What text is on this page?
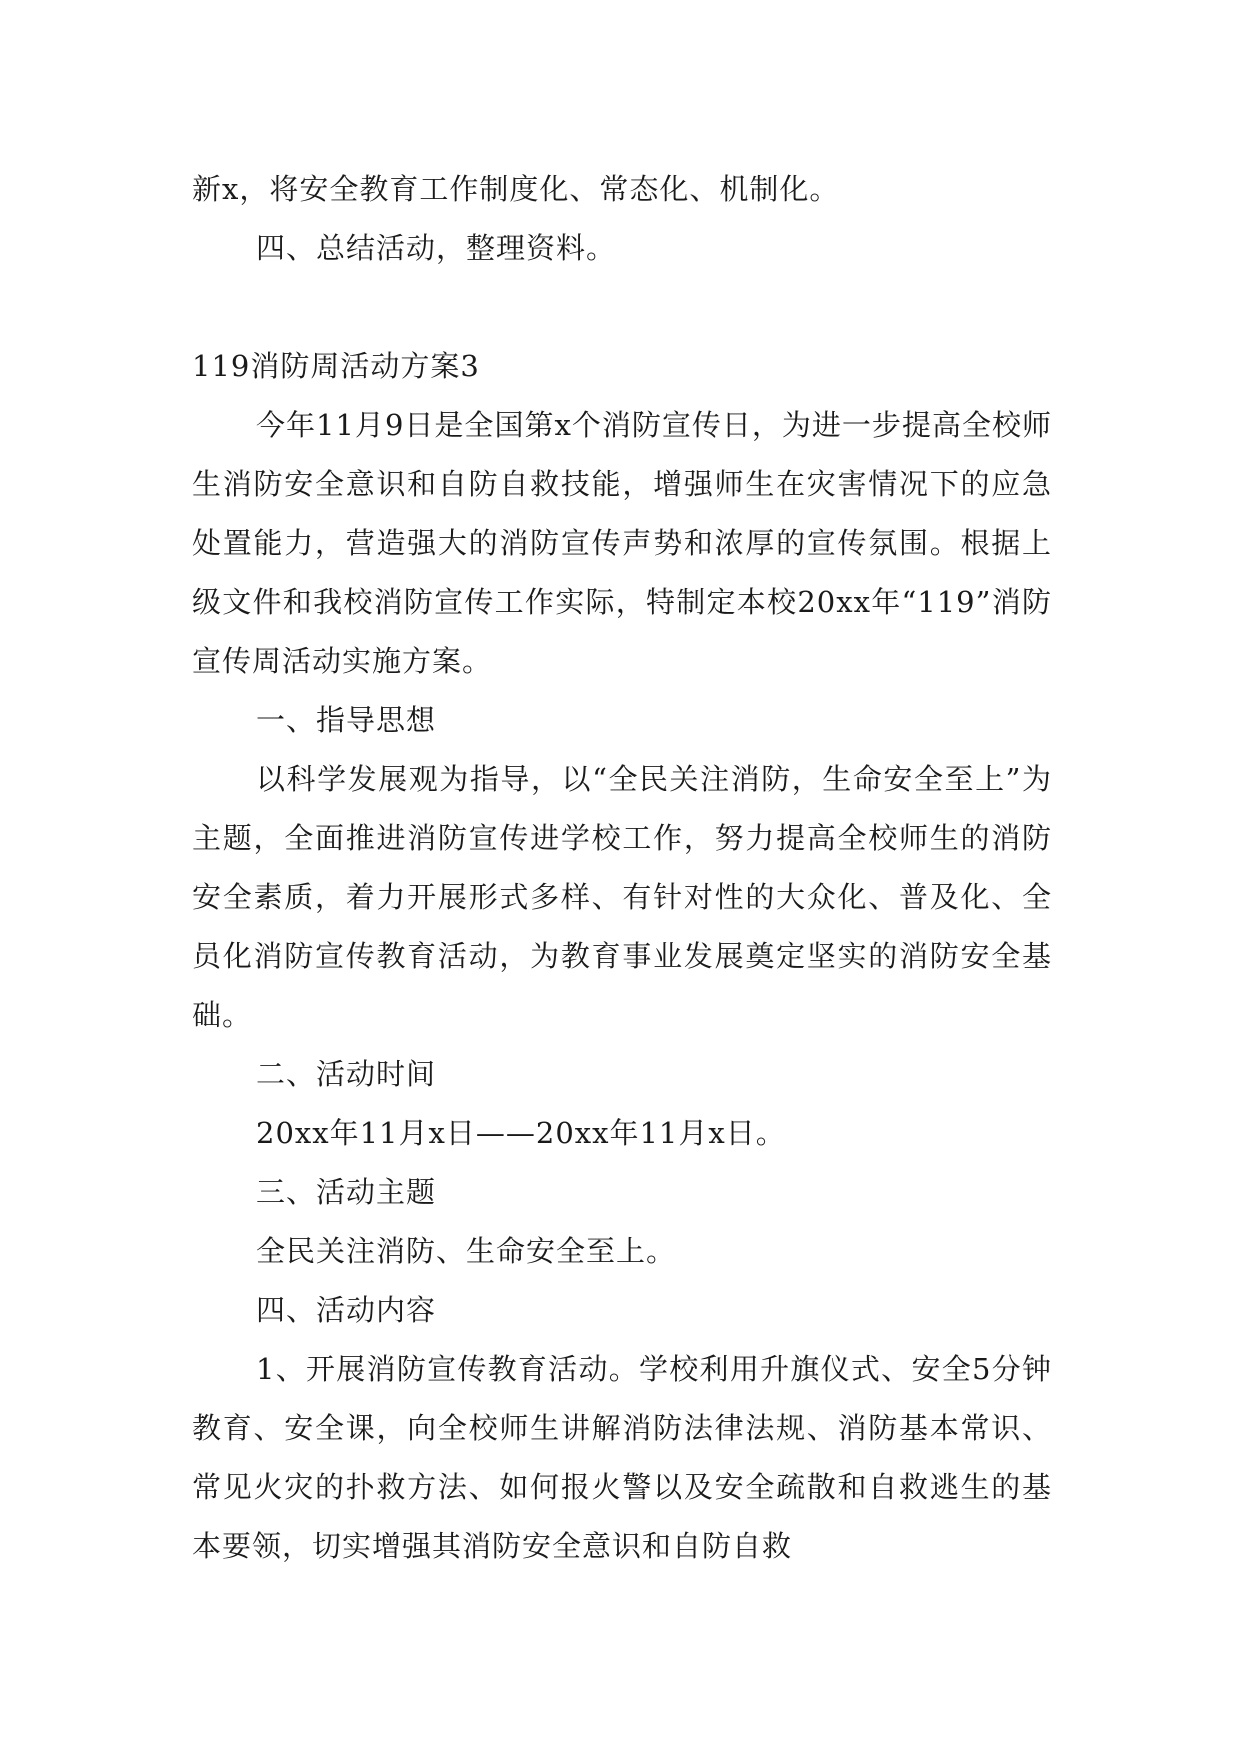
新x，将安全教育工作制度化、常态化、机制化。

四、总结活动，整理资料。

119消防周活动方案3

今年11月9日是全国第x个消防宣传日，为进一步提高全校师生消防安全意识和自防自救技能，增强师生在灾害情况下的应急处置能力，营造强大的消防宣传声势和浓厚的宣传氛围。根据上级文件和我校消防宣传工作实际，特制定本校20xx年“119”消防宣传周活动实施方案。

一、指导思想

以科学发展观为指导，以“全民关注消防，生命安全至上”为主题，全面推进消防宣传进学校工作，努力提高全校师生的消防安全素质，着力开展形式多样、有针对性的大众化、普及化、全员化消防宣传教育活动，为教育事业发展奠定坚实的消防安全基础。

二、活动时间

20xx年11月x日——20xx年11月x日。

三、活动主题

全民关注消防、生命安全至上。

四、活动内容

1、开展消防宣传教育活动。学校利用升旗仪式、安全5分钟教育、安全课，向全校师生讲解消防法律法规、消防基本常识、常见火灾的扑救方法、如何报火警以及安全疏散和自救逃生的基本要领，切实增强其消防安全意识和自防自救
